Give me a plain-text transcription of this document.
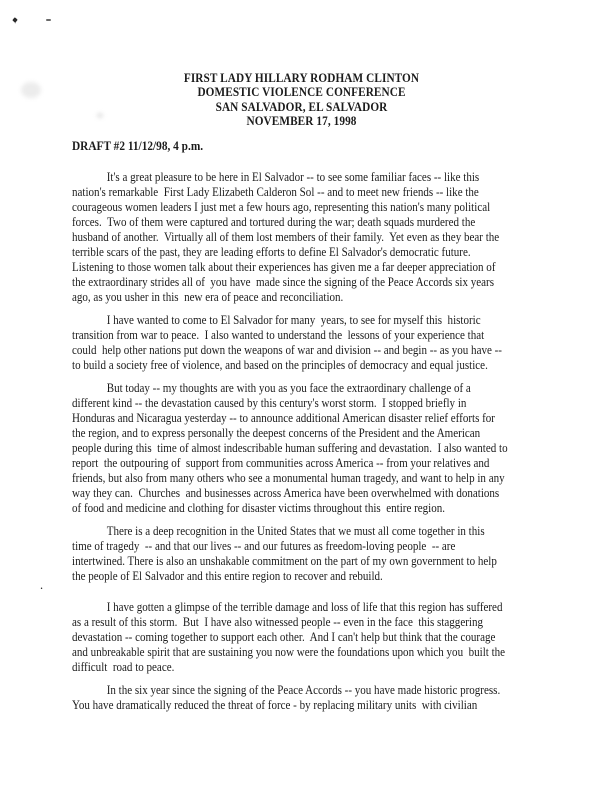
FIRST LADY HILLARY RODHAM CLINTON
DOMESTIC VIOLENCE CONFERENCE
SAN SALVADOR, EL SALVADOR
NOVEMBER 17, 1998
DRAFT #2 11/12/98, 4 p.m.
It's a great pleasure to be here in El Salvador -- to see some familiar faces -- like this
nation's remarkable  First Lady Elizabeth Calderon Sol -- and to meet new friends -- like the
courageous women leaders I just met a few hours ago, representing this nation's many political
forces.  Two of them were captured and tortured during the war; death squads murdered the
husband of another.  Virtually all of them lost members of their family.  Yet even as they bear the
terrible scars of the past, they are leading efforts to define El Salvador's democratic future.
Listening to those women talk about their experiences has given me a far deeper appreciation of
the extraordinary strides all of  you have  made since the signing of the Peace Accords six years
ago, as you usher in this  new era of peace and reconciliation.
I have wanted to come to El Salvador for many  years, to see for myself this  historic
transition from war to peace.  I also wanted to understand the  lessons of your experience that
could  help other nations put down the weapons of war and division -- and begin -- as you have --
to build a society free of violence, and based on the principles of democracy and equal justice.
But today -- my thoughts are with you as you face the extraordinary challenge of a
different kind -- the devastation caused by this century's worst storm.  I stopped briefly in
Honduras and Nicaragua yesterday -- to announce additional American disaster relief efforts for
the region, and to express personally the deepest concerns of the President and the American
people during this  time of almost indescribable human suffering and devastation.  I also wanted to
report  the outpouring of  support from communities across America -- from your relatives and
friends, but also from many others who see a monumental human tragedy, and want to help in any
way they can.  Churches  and businesses across America have been overwhelmed with donations
of food and medicine and clothing for disaster victims throughout this  entire region.
There is a deep recognition in the United States that we must all come together in this
time of tragedy  -- and that our lives -- and our futures as freedom-loving people  -- are
intertwined. There is also an unshakable commitment on the part of my own government to help
the people of El Salvador and this entire region to recover and rebuild.
I have gotten a glimpse of the terrible damage and loss of life that this region has suffered
as a result of this storm.  But  I have also witnessed people -- even in the face  this staggering
devastation -- coming together to support each other.  And I can't help but think that the courage
and unbreakable spirit that are sustaining you now were the foundations upon which you  built the
difficult  road to peace.
In the six year since the signing of the Peace Accords -- you have made historic progress.
You have dramatically reduced the threat of force - by replacing military units  with civilian
.
